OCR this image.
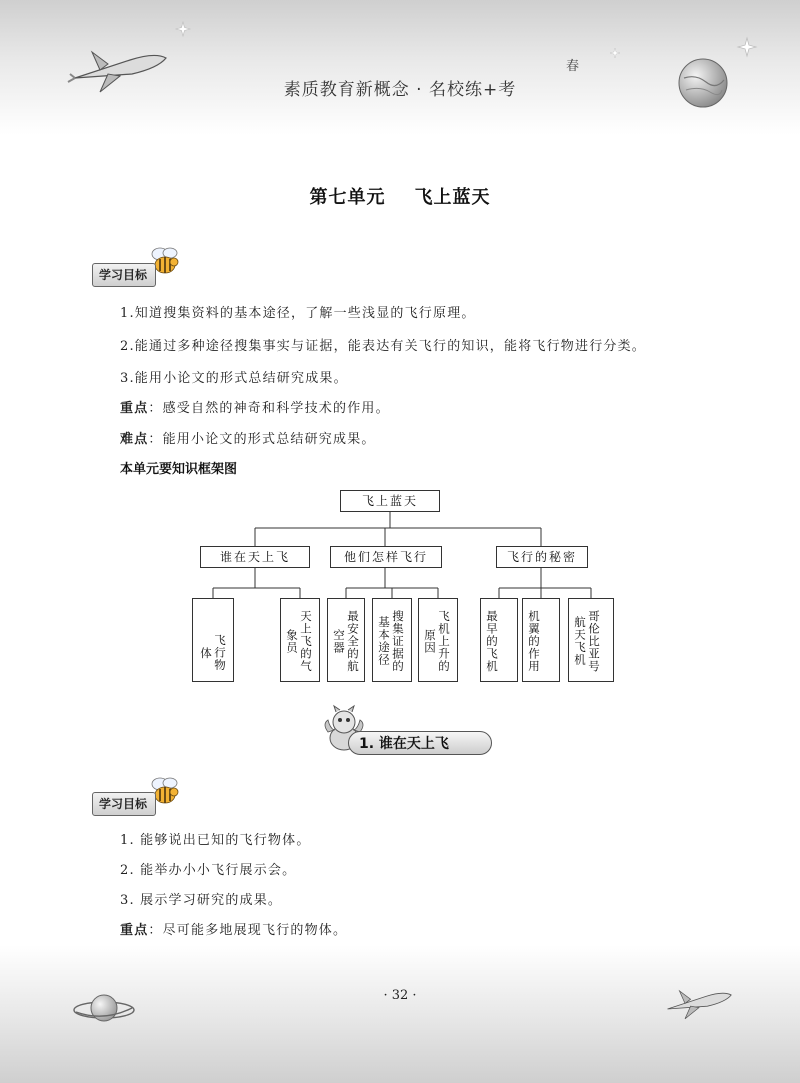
素质教育新概念 · 名校练+考
春
第七单元    飞上蓝天
学习目标
1.知道搜集资料的基本途径，了解一些浅显的飞行原理。
2.能通过多种途径搜集事实与证据，能表达有关飞行的知识，能将飞行物进行分类。
3.能用小论文的形式总结研究成果。
重点：感受自然的神奇和科学技术的作用。
难点：能用小论文的形式总结研究成果。
本单元要知识框架图
飞上蓝天
谁在天上飞	他们怎样飞行	飞行的秘密
飞行物体	天上飞的气象员	最安全的航空器	搜集证据的基本途径	飞机上升的原因	最早的飞机 机翼的作用	哥伦比亚号航天飞机
1. 谁在天上飞
学习目标
1. 能够说出已知的飞行物体。
2. 能举办小小飞行展示会。
3. 展示学习研究的成果。
重点：尽可能多地展现飞行的物体。
· 32 ·
